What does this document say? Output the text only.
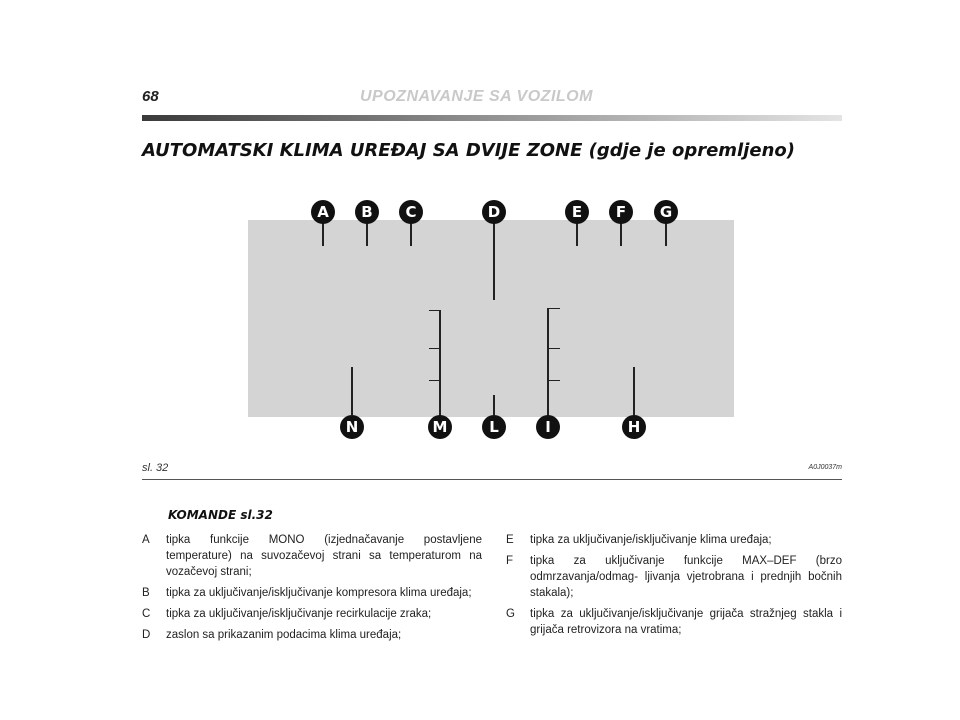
68	UPOZNAVANJE SA VOZILOM
AUTOMATSKI KLIMA UREĐAJ SA DVIJE ZONE (gdje je opremljeno)
A	B	C	D	E	F	G
N	M	L	I	H
sl. 32	A0J0037m
KOMANDE sl.32
A	tipka funkcije MONO (izjednačavanje postavljene temperature) na suvozačevoj strani sa temperaturom na vozačevoj strani;
B	tipka za uključivanje/isključivanje kompresora klima uređaja;
C	tipka za uključivanje/isključivanje recirkulacije zraka;
D	zaslon sa prikazanim podacima klima uređaja;
E	tipka za uključivanje/isključivanje klima uređaja;
F	tipka za uključivanje funkcije MAX–DEF (brzo odmrzavanja/odmag- ljivanja vjetrobrana i prednjih bočnih stakala);
G	tipka za uključivanje/isključivanje grijača stražnjeg stakla i grijača retrovizora na vratima;
